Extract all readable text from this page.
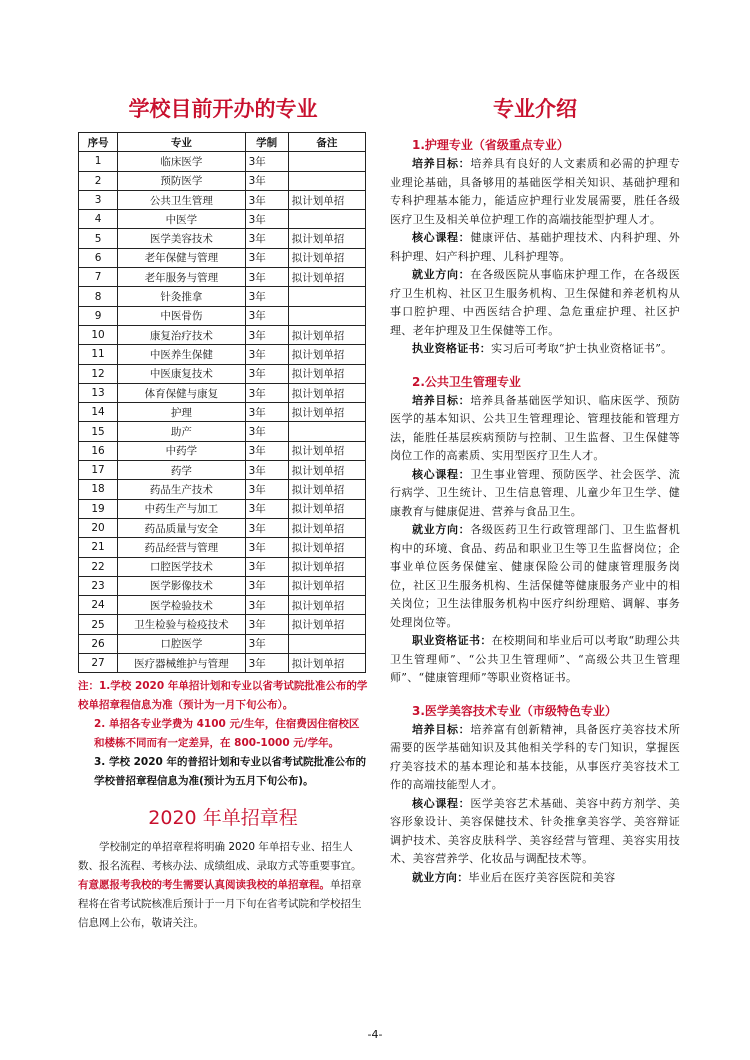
学校目前开办的专业
序号	专业	学制	备注
1	临床医学	3年	
2	预防医学	3年	
3	公共卫生管理	3年	拟计划单招
4	中医学	3年	
5	医学美容技术	3年	拟计划单招
6	老年保健与管理	3年	拟计划单招
7	老年服务与管理	3年	拟计划单招
8	针灸推拿	3年	
9	中医骨伤	3年	
10	康复治疗技术	3年	拟计划单招
11	中医养生保健	3年	拟计划单招
12	中医康复技术	3年	拟计划单招
13	体育保健与康复	3年	拟计划单招
14	护理	3年	拟计划单招
15	助产	3年	
16	中药学	3年	拟计划单招
17	药学	3年	拟计划单招
18	药品生产技术	3年	拟计划单招
19	中药生产与加工	3年	拟计划单招
20	药品质量与安全	3年	拟计划单招
21	药品经营与管理	3年	拟计划单招
22	口腔医学技术	3年	拟计划单招
23	医学影像技术	3年	拟计划单招
24	医学检验技术	3年	拟计划单招
25	卫生检验与检疫技术	3年	拟计划单招
26	口腔医学	3年	
27	医疗器械维护与管理	3年	拟计划单招

注：1.学校 2020 年单招计划和专业以省考试院批准公布的学校单招章程信息为准（预计为一月下旬公布）。

2. 单招各专业学费为 4100 元/生年，住宿费因住宿校区和楼栋不同而有一定差异，在 800-1000 元/学年。

3. 学校 2020 年的普招计划和专业以省考试院批准公布的学校普招章程信息为准(预计为五月下旬公布)。

2020 年单招章程

学校制定的单招章程将明确 2020 年单招专业、招生人数、报名流程、考核办法、成绩组成、录取方式等重要事宜。有意愿报考我校的考生需要认真阅读我校的单招章程。单招章程将在省考试院核准后预计于一月下旬在省考试院和学校招生信息网上公布，敬请关注。

专业介绍
1.护理专业（省级重点专业）

培养目标：培养具有良好的人文素质和必需的护理专业理论基础，具备够用的基础医学相关知识、基础护理和专科护理基本能力，能适应护理行业发展需要，胜任各级医疗卫生及相关单位护理工作的高端技能型护理人才。

核心课程：健康评估、基础护理技术、内科护理、外科护理、妇产科护理、儿科护理等。

就业方向：在各级医院从事临床护理工作，在各级医疗卫生机构、社区卫生服务机构、卫生保健和养老机构从事口腔护理、中西医结合护理、急危重症护理、社区护理、老年护理及卫生保健等工作。

执业资格证书：实习后可考取“护士执业资格证书”。

2.公共卫生管理专业

培养目标：培养具备基础医学知识、临床医学、预防医学的基本知识、公共卫生管理理论、管理技能和管理方法，能胜任基层疾病预防与控制、卫生监督、卫生保健等岗位工作的高素质、实用型医疗卫生人才。

核心课程：卫生事业管理、预防医学、社会医学、流行病学、卫生统计、卫生信息管理、儿童少年卫生学、健康教育与健康促进、营养与食品卫生。

就业方向：各级医药卫生行政管理部门、卫生监督机构中的环境、食品、药品和职业卫生等卫生监督岗位；企事业单位医务保健室、健康保险公司的健康管理服务岗位，社区卫生服务机构、生活保健等健康服务产业中的相关岗位；卫生法律服务机构中医疗纠纷理赔、调解、事务处理岗位等。

职业资格证书：在校期间和毕业后可以考取“助理公共卫生管理师”、“公共卫生管理师”、“高级公共卫生管理师”、“健康管理师”等职业资格证书。

3.医学美容技术专业（市级特色专业）

培养目标：培养富有创新精神，具备医疗美容技术所需要的医学基础知识及其他相关学科的专门知识，掌握医疗美容技术的基本理论和基本技能，从事医疗美容技术工作的高端技能型人才。

核心课程：医学美容艺术基础、美容中药方剂学、美容形象设计、美容保健技术、针灸推拿美容学、美容辩证调护技术、美容皮肤科学、美容经营与管理、美容实用技术、美容营养学、化妆品与调配技术等。

就业方向：毕业后在医疗美容医院和美容

-4-
